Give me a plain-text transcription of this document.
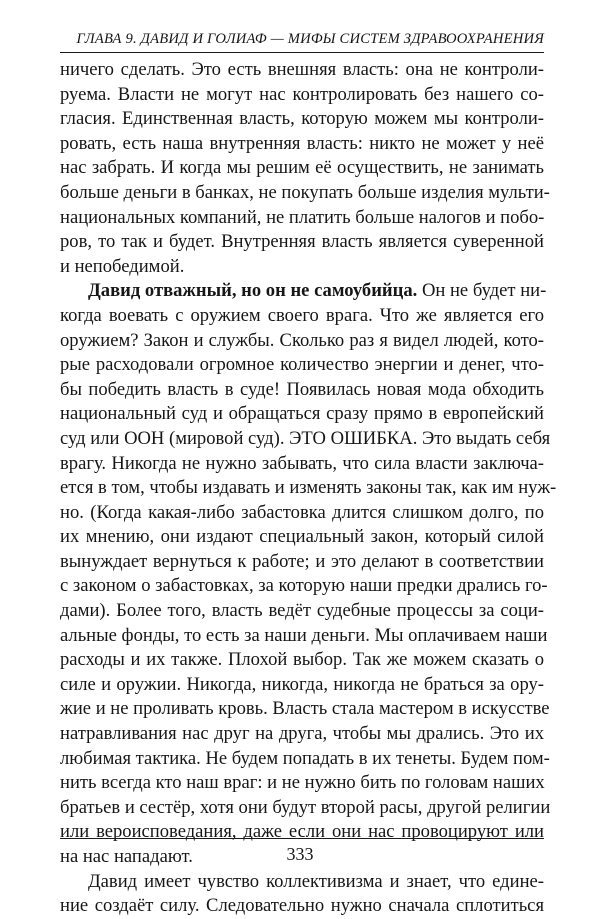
ГЛАВА 9. ДАВИД И ГОЛИАФ — МИФЫ СИСТЕМ ЗДРАВООХРАНЕНИЯ
ничего сделать. Это есть внешняя власть: она не контроли-
руема. Власти не могут нас контролировать без нашего со-
гласия. Единственная власть, которую можем мы контроли-
ровать, есть наша внутренняя власть: никто не может у неё
нас забрать. И когда мы решим её осуществить, не занимать
больше деньги в банках, не покупать больше изделия мульти-
национальных компаний, не платить больше налогов и побо-
ров, то так и будет. Внутренняя власть является суверенной
и непобедимой.
Давид отважный, но он не самоубийца. Он не будет ни-
когда воевать с оружием своего врага. Что же является его
оружием? Закон и службы. Сколько раз я видел людей, кото-
рые расходовали огромное количество энергии и денег, что-
бы победить власть в суде! Появилась новая мода обходить
национальный суд и обращаться сразу прямо в европейский
суд или ООН (мировой суд). ЭТО ОШИБКА. Это выдать себя
врагу. Никогда не нужно забывать, что сила власти заключа-
ется в том, чтобы издавать и изменять законы так, как им нуж-
но. (Когда какая-либо забастовка длится слишком долго, по
их мнению, они издают специальный закон, который силой
вынуждает вернуться к работе; и это делают в соответствии
с законом о забастовках, за которую наши предки дрались го-
дами). Более того, власть ведёт судебные процессы за соци-
альные фонды, то есть за наши деньги. Мы оплачиваем наши
расходы и их также. Плохой выбор. Так же можем сказать о
силе и оружии. Никогда, никогда, никогда не браться за ору-
жие и не проливать кровь. Власть стала мастером в искусстве
натравливания нас друг на друга, чтобы мы дрались. Это их
любимая тактика. Не будем попадать в их тенеты. Будем пом-
нить всегда кто наш враг: и не нужно бить по головам наших
братьев и сестёр, хотя они будут второй расы, другой религии
или вероисповедания, даже если они нас провоцируют или
на нас нападают.
Давид имеет чувство коллективизма и знает, что едине-
ние создаёт силу. Следовательно нужно сначала сплотиться
333
